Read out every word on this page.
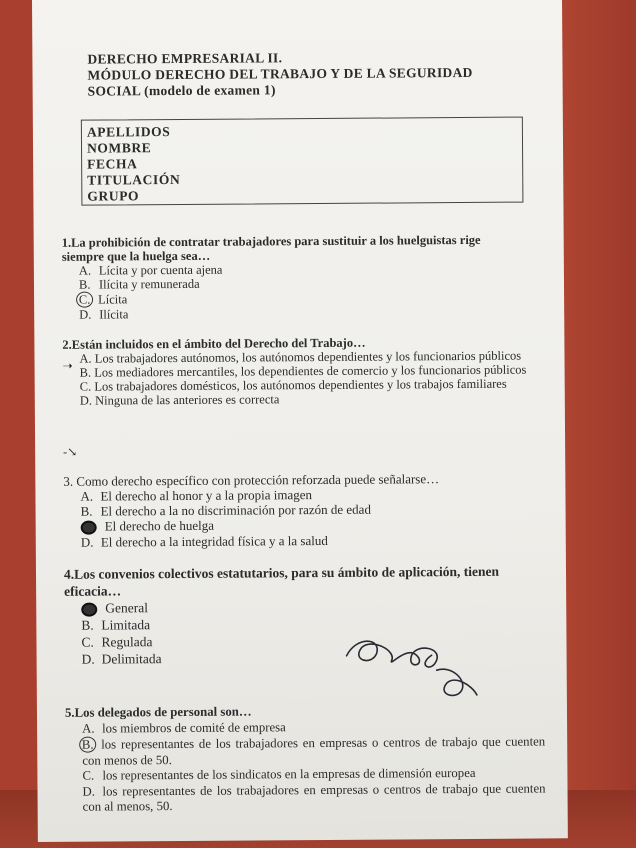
DERECHO EMPRESARIAL II.
MÓDULO DERECHO DEL TRABAJO Y DE LA SEGURIDAD
SOCIAL (modelo de examen 1)
APELLIDOS
NOMBRE
FECHA
TITULACIÓN
GRUPO
1.La prohibición de contratar trabajadores para sustituir a los huelguistas rige
siempre que la huelga sea…
A. Lícita y por cuenta ajena
B. Ilícita y remunerada
C. Lícita
D. Ilícita
2.Están incluidos en el ámbito del Derecho del Trabajo…
A. Los trabajadores autónomos, los autónomos dependientes y los funcionarios públicos
B. Los mediadores mercantiles, los dependientes de comercio y los funcionarios públicos
C. Los trabajadores domésticos, los autónomos dependientes y los trabajos familiares
D. Ninguna de las anteriores es correcta
➝
-↘
3. Como derecho específico con protección reforzada puede señalarse…
A. El derecho al honor y a la propia imagen
B. El derecho a la no discriminación por razón de edad
El derecho de huelga
D. El derecho a la integridad física y a la salud
4.Los convenios colectivos estatutarios, para su ámbito de aplicación, tienen
eficacia…
General
B. Limitada
C. Regulada
D. Delimitada
5.Los delegados de personal son…
A. los miembros de comité de empresa
B. los representantes de los trabajadores en empresas o centros de trabajo que cuenten con menos de 50.
C. los representantes de los sindicatos en la empresas de dimensión europea
D. los representantes de los trabajadores en empresas o centros de trabajo que cuenten con al menos, 50.
